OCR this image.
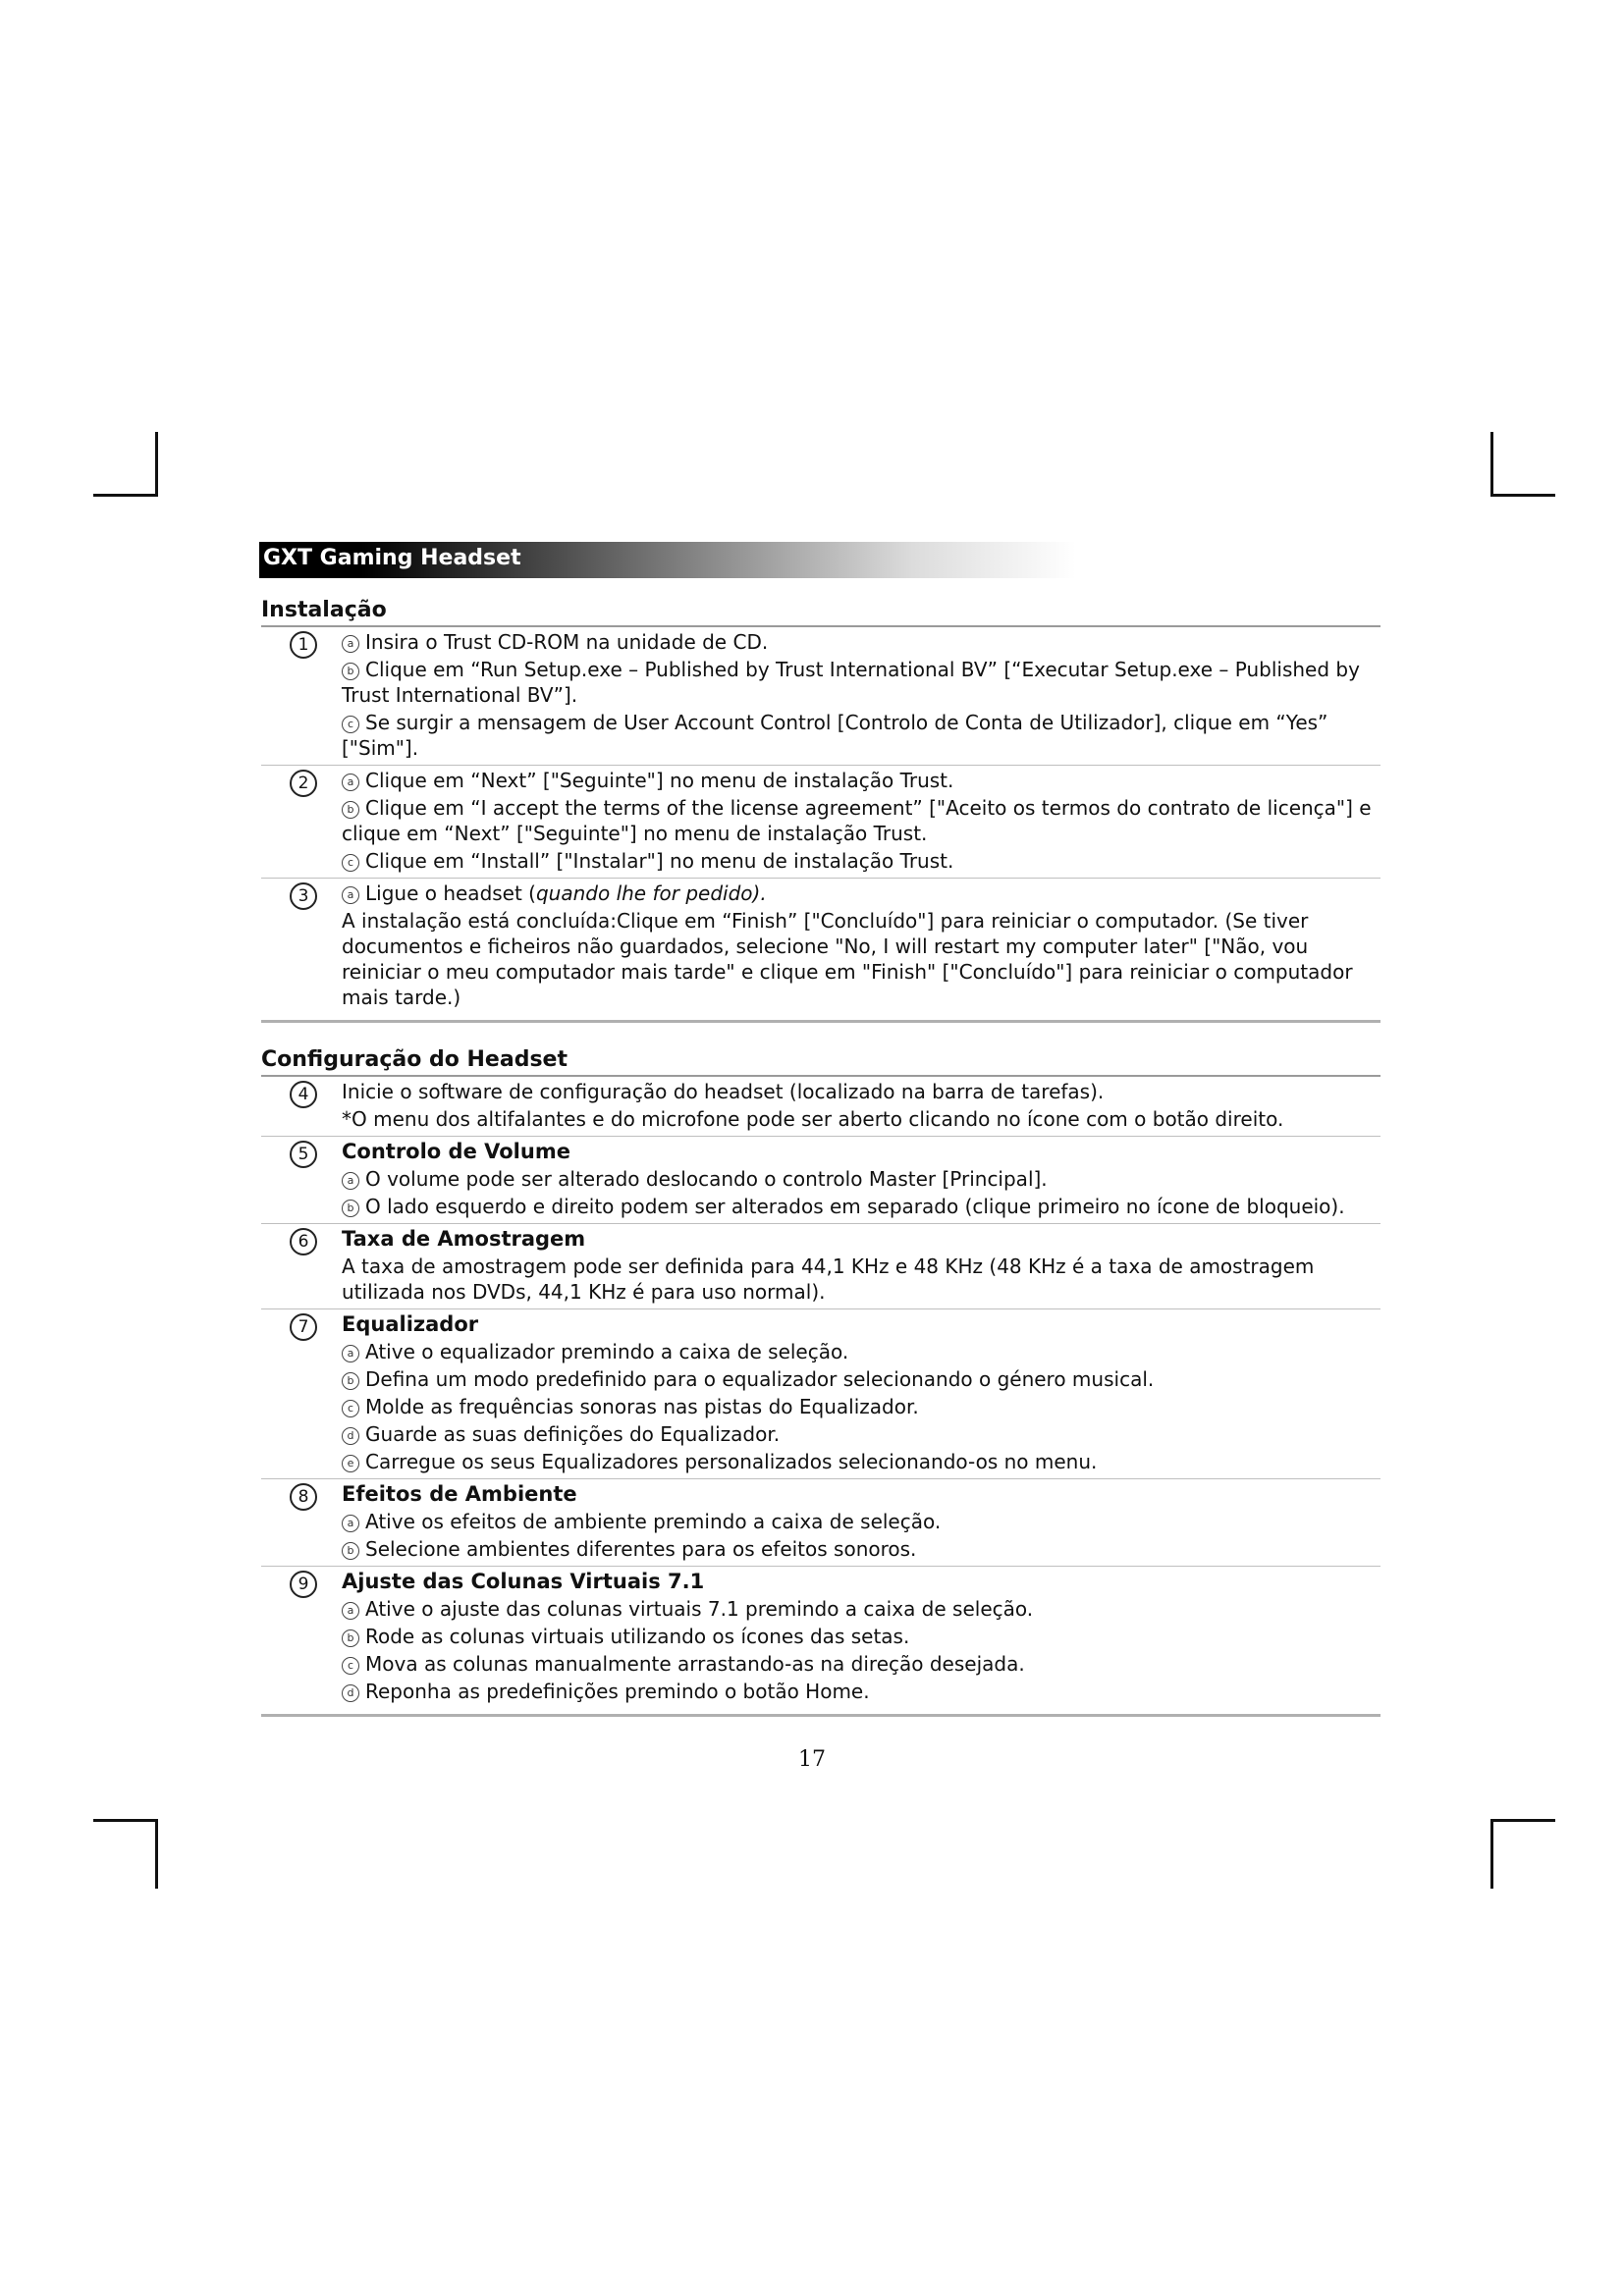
GXT Gaming Headset
Instalação
1	a Insira o Trust CD-ROM na unidade de CD.

b Clique em “Run Setup.exe – Published by Trust International BV” [“Executar Setup.exe – Published by Trust International BV”].

c Se surgir a mensagem de User Account Control [Controlo de Conta de Utilizador], clique em “Yes” ["Sim"].

2	a Clique em “Next” ["Seguinte"] no menu de instalação Trust.

b Clique em “I accept the terms of the license agreement” ["Aceito os termos do contrato de licença"] e clique em “Next” ["Seguinte"] no menu de instalação Trust.

c Clique em “Install” ["Instalar"] no menu de instalação Trust.

3	a Ligue o headset (quando lhe for pedido).

A instalação está concluída:Clique em “Finish” ["Concluído"] para reiniciar o computador. (Se tiver documentos e ficheiros não guardados, selecione "No, I will restart my computer later" ["Não, vou reiniciar o meu computador mais tarde" e clique em "Finish" ["Concluído"] para reiniciar o computador mais tarde.)

Configuração do Headset
4	Inicie o software de configuração do headset (localizado na barra de tarefas).

*O menu dos altifalantes e do microfone pode ser aberto clicando no ícone com o botão direito.

5	Controlo de Volume

a O volume pode ser alterado deslocando o controlo Master [Principal].

b O lado esquerdo e direito podem ser alterados em separado (clique primeiro no ícone de bloqueio).

6	Taxa de Amostragem

A taxa de amostragem pode ser definida para 44,1 KHz e 48 KHz (48 KHz é a taxa de amostragem utilizada nos DVDs, 44,1 KHz é para uso normal).

7	Equalizador

a Ative o equalizador premindo a caixa de seleção.

b Defina um modo predefinido para o equalizador selecionando o género musical.

c Molde as frequências sonoras nas pistas do Equalizador.

d Guarde as suas definições do Equalizador.

e Carregue os seus Equalizadores personalizados selecionando-os no menu.

8	Efeitos de Ambiente

a Ative os efeitos de ambiente premindo a caixa de seleção.

b Selecione ambientes diferentes para os efeitos sonoros.

9	Ajuste das Colunas Virtuais 7.1

a Ative o ajuste das colunas virtuais 7.1 premindo a caixa de seleção.

b Rode as colunas virtuais utilizando os ícones das setas.

c Mova as colunas manualmente arrastando-as na direção desejada.

d Reponha as predefinições premindo o botão Home.

17
